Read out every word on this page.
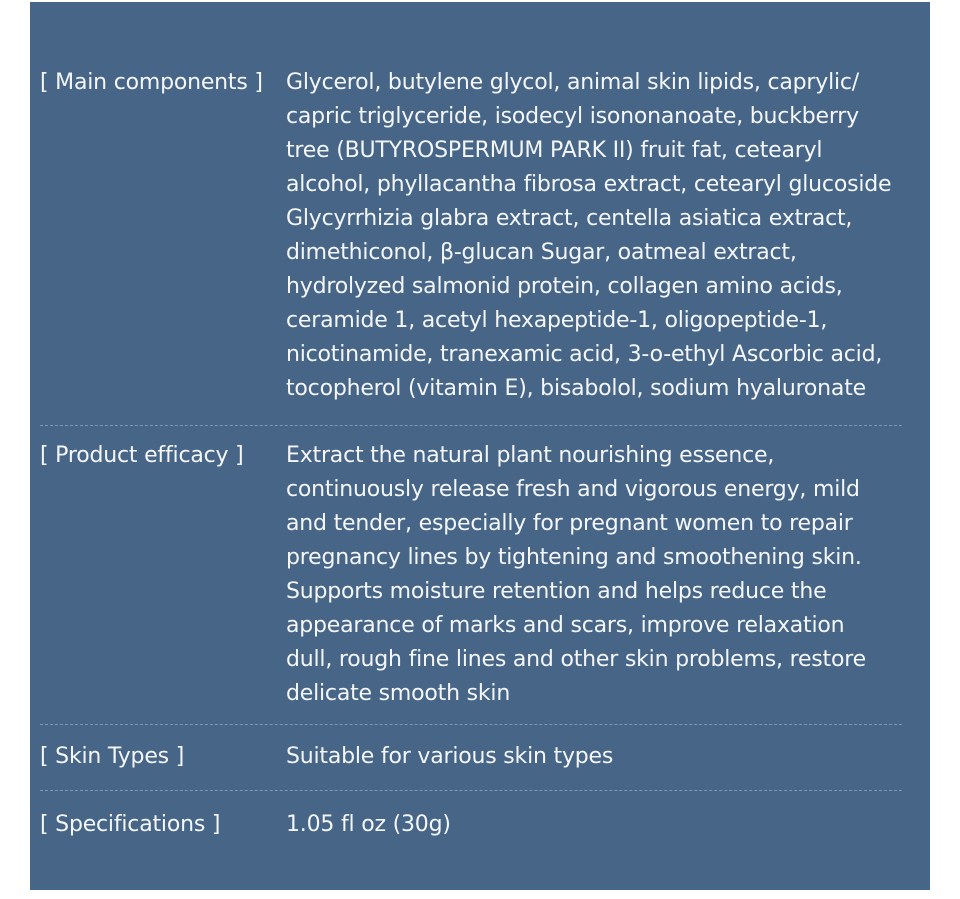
[ Main components ] Glycerol, butylene glycol, animal skin lipids, caprylic/
capric triglyceride, isodecyl isononanoate, buckberry
tree (BUTYROSPERMUM PARK II) fruit fat, cetearyl
alcohol, phyllacantha fibrosa extract, cetearyl glucoside
Glycyrrhizia glabra extract, centella asiatica extract,
dimethiconol, β-glucan Sugar, oatmeal extract,
hydrolyzed salmonid protein, collagen amino acids,
ceramide 1, acetyl hexapeptide-1, oligopeptide-1,
nicotinamide, tranexamic acid, 3-o-ethyl Ascorbic acid,
tocopherol (vitamin E), bisabolol, sodium hyaluronate
[ Product efficacy ] Extract the natural plant nourishing essence,
continuously release fresh and vigorous energy, mild
and tender, especially for pregnant women to repair
pregnancy lines by tightening and smoothening skin.
Supports moisture retention and helps reduce the
appearance of marks and scars, improve relaxation
dull, rough fine lines and other skin problems, restore
delicate smooth skin
[ Skin Types ]	Suitable for various skin types
[ Specifications ]	1.05 fl oz (30g)
